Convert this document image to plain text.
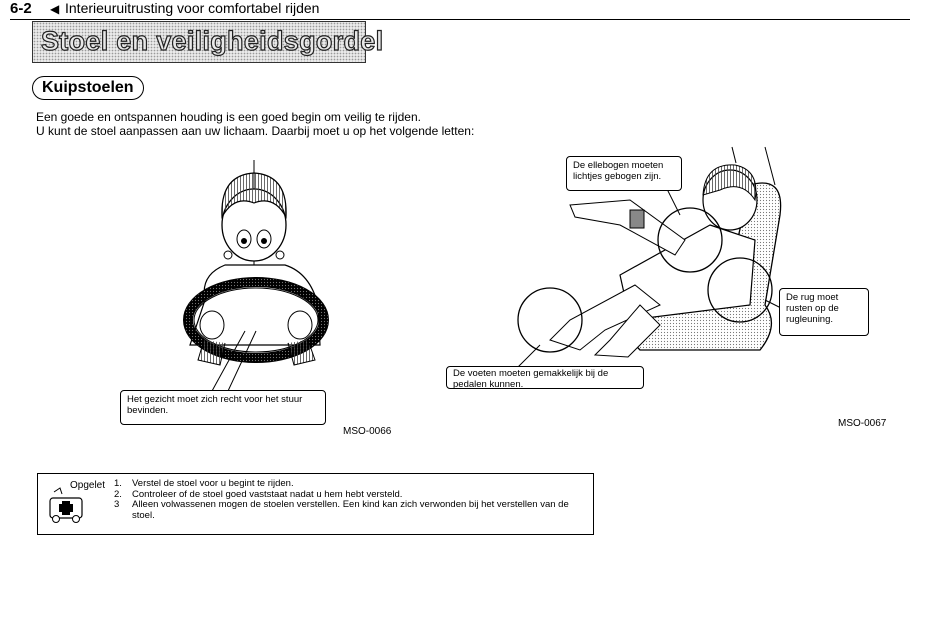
6-2 ◀ Interieuruitrusting voor comfortabel rijden
Stoel en veiligheidsgordel
Kuipstoelen
Een goede en ontspannen houding is een goed begin om veilig te rijden.
U kunt de stoel aanpassen aan uw lichaam. Daarbij moet u op het volgende letten:
Het gezicht moet zich recht voor het stuur bevinden.
MSO-0066
De ellebogen moeten lichtjes gebogen zijn.
De rug moet rusten op de rugleuning.
De voeten moeten gemakkelijk bij de pedalen kunnen.
MSO-0067
Opgelet 1.	Verstel de stoel voor u begint te rijden.
2.	Controleer of de stoel goed vaststaat nadat u hem hebt versteld.
3	Alleen volwassenen mogen de stoelen verstellen. Een kind kan zich verwonden bij het verstellen van de stoel.
